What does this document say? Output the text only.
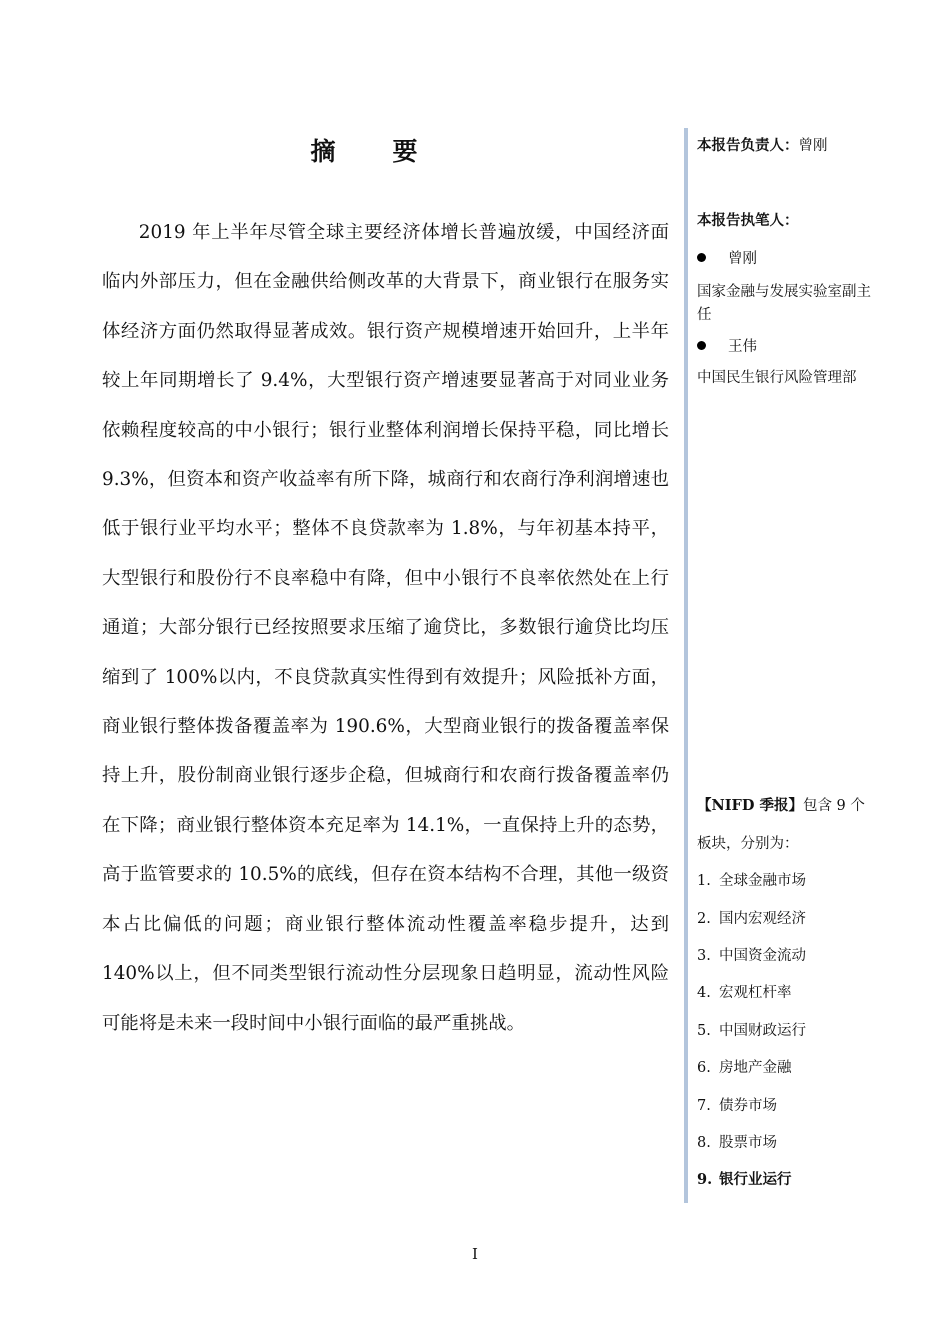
摘　要

2019 年上半年尽管全球主要经济体增长普遍放缓，中国经济面临内外部压力，但在金融供给侧改革的大背景下，商业银行在服务实体经济方面仍然取得显著成效。银行资产规模增速开始回升，上半年较上年同期增长了 9.4%，大型银行资产增速要显著高于对同业业务依赖程度较高的中小银行；银行业整体利润增长保持平稳，同比增长 9.3%，但资本和资产收益率有所下降，城商行和农商行净利润增速也低于银行业平均水平；整体不良贷款率为 1.8%，与年初基本持平，大型银行和股份行不良率稳中有降，但中小银行不良率依然处在上行通道；大部分银行已经按照要求压缩了逾贷比，多数银行逾贷比均压缩到了 100%以内，不良贷款真实性得到有效提升；风险抵补方面，商业银行整体拨备覆盖率为 190.6%，大型商业银行的拨备覆盖率保持上升，股份制商业银行逐步企稳，但城商行和农商行拨备覆盖率仍在下降；商业银行整体资本充足率为 14.1%，一直保持上升的态势，高于监管要求的 10.5%的底线，但存在资本结构不合理，其他一级资本占比偏低的问题；商业银行整体流动性覆盖率稳步提升，达到 140%以上，但不同类型银行流动性分层现象日趋明显，流动性风险可能将是未来一段时间中小银行面临的最严重挑战。

本报告负责人：曾刚
本报告执笔人：
曾刚
国家金融与发展实验室副主任
王伟
中国民生银行风险管理部
【NIFD 季报】包含 9 个
板块，分别为：
1. 全球金融市场
2. 国内宏观经济
3. 中国资金流动
4. 宏观杠杆率
5. 中国财政运行
6. 房地产金融
7. 债券市场
8. 股票市场
9. 银行业运行
I
